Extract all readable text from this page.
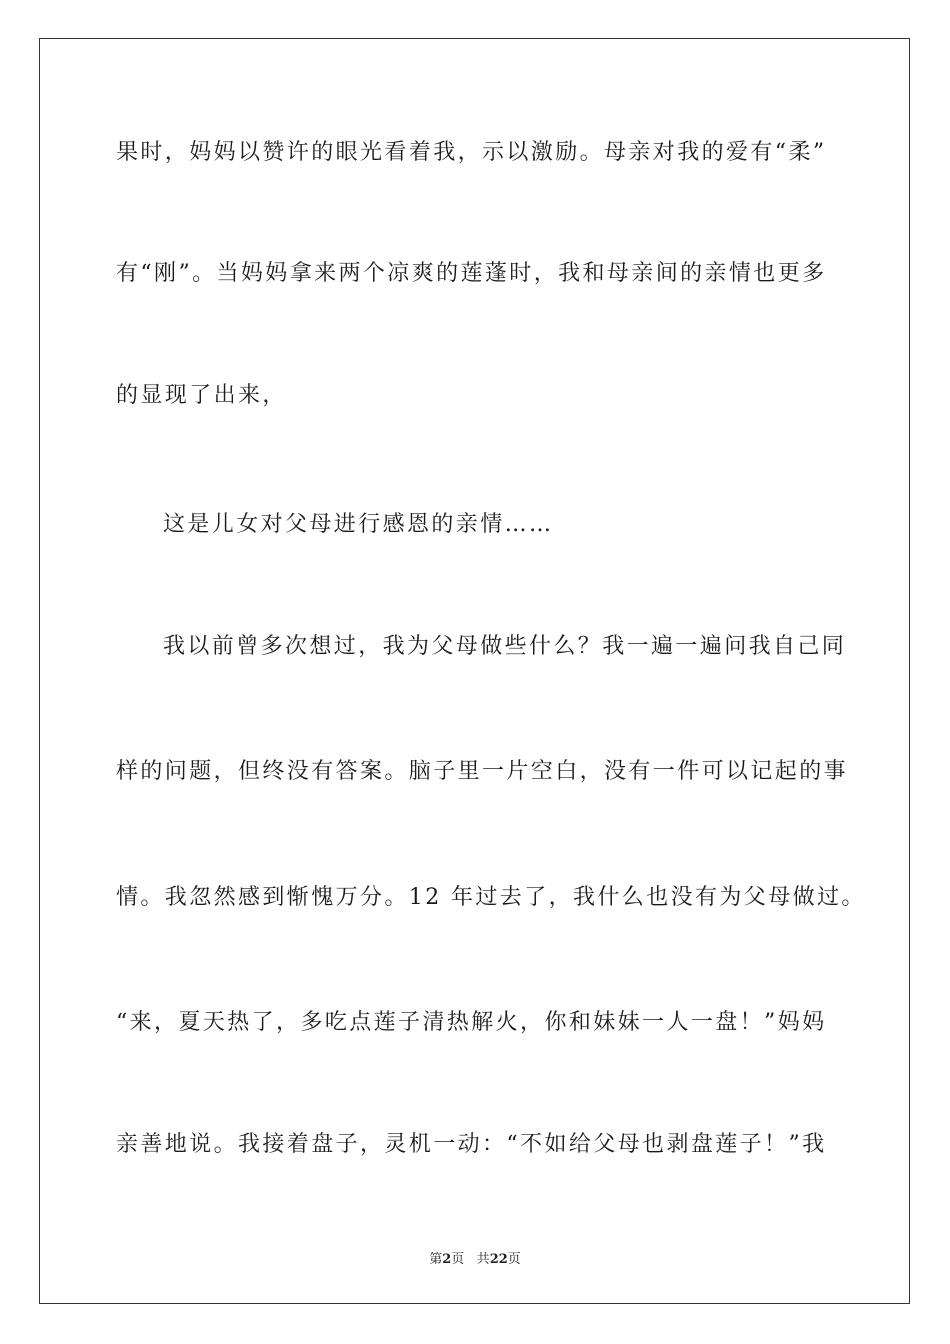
果时，妈妈以赞许的眼光看着我，示以激励。母亲对我的爱有“柔”
有“刚”。当妈妈拿来两个凉爽的莲蓬时，我和母亲间的亲情也更多
的显现了出来，
这是儿女对父母进行感恩的亲情……
我以前曾多次想过，我为父母做些什么？我一遍一遍问我自己同
样的问题，但终没有答案。脑子里一片空白，没有一件可以记起的事
情。我忽然感到惭愧万分。12 年过去了，我什么也没有为父母做过。
“来，夏天热了，多吃点莲子清热解火，你和妹妹一人一盘！”妈妈
亲善地说。我接着盘子，灵机一动：“不如给父母也剥盘莲子！”我
第2页 共22页
